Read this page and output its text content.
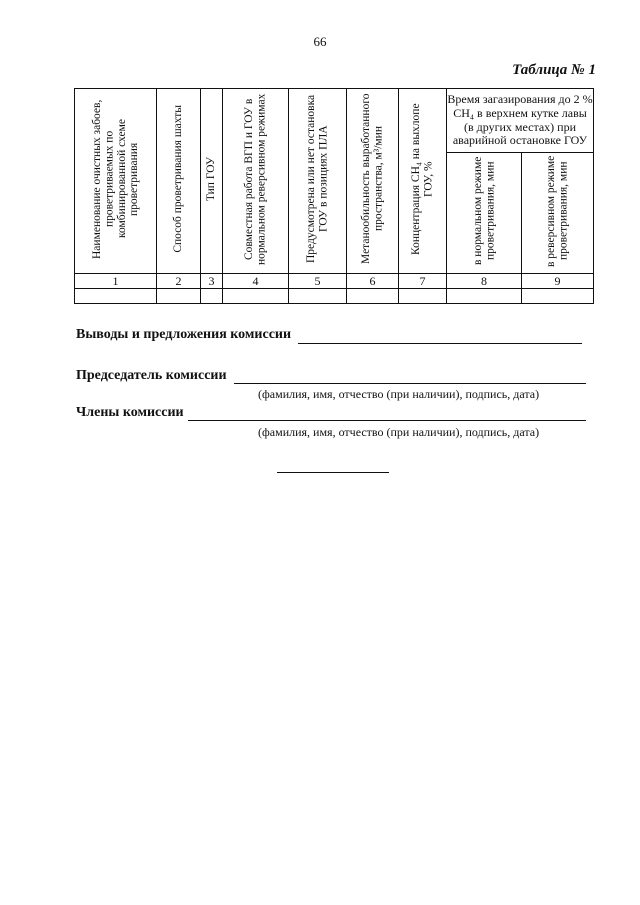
66
Таблица № 1
Наименование очистных забоев, проветриваемых по комбинированной схеме проветривания	Способ проветривания шахты	Тип ГОУ	Совместная работа ВГП и ГОУ в нормальном реверсивном режимах	Предусмотрена или нет остановка ГОУ в позициях ПЛА	Метанообильность выработанного пространства, м³/мин	Концентрация CH₄ на выхлопе ГОУ, %	Время загазирования до 2 % CH₄ в верхнем кутке лавы (в других местах) при аварийной остановке ГОУ	
							в нормальном режиме проветривания, мин	в реверсивном режиме проветривания, мин
1	2	3	4	5	6	7	8	9

Выводы и предложения комиссии
Председатель комиссии
(фамилия, имя, отчество (при наличии), подпись, дата)
Члены комиссии
(фамилия, имя, отчество (при наличии), подпись, дата)
